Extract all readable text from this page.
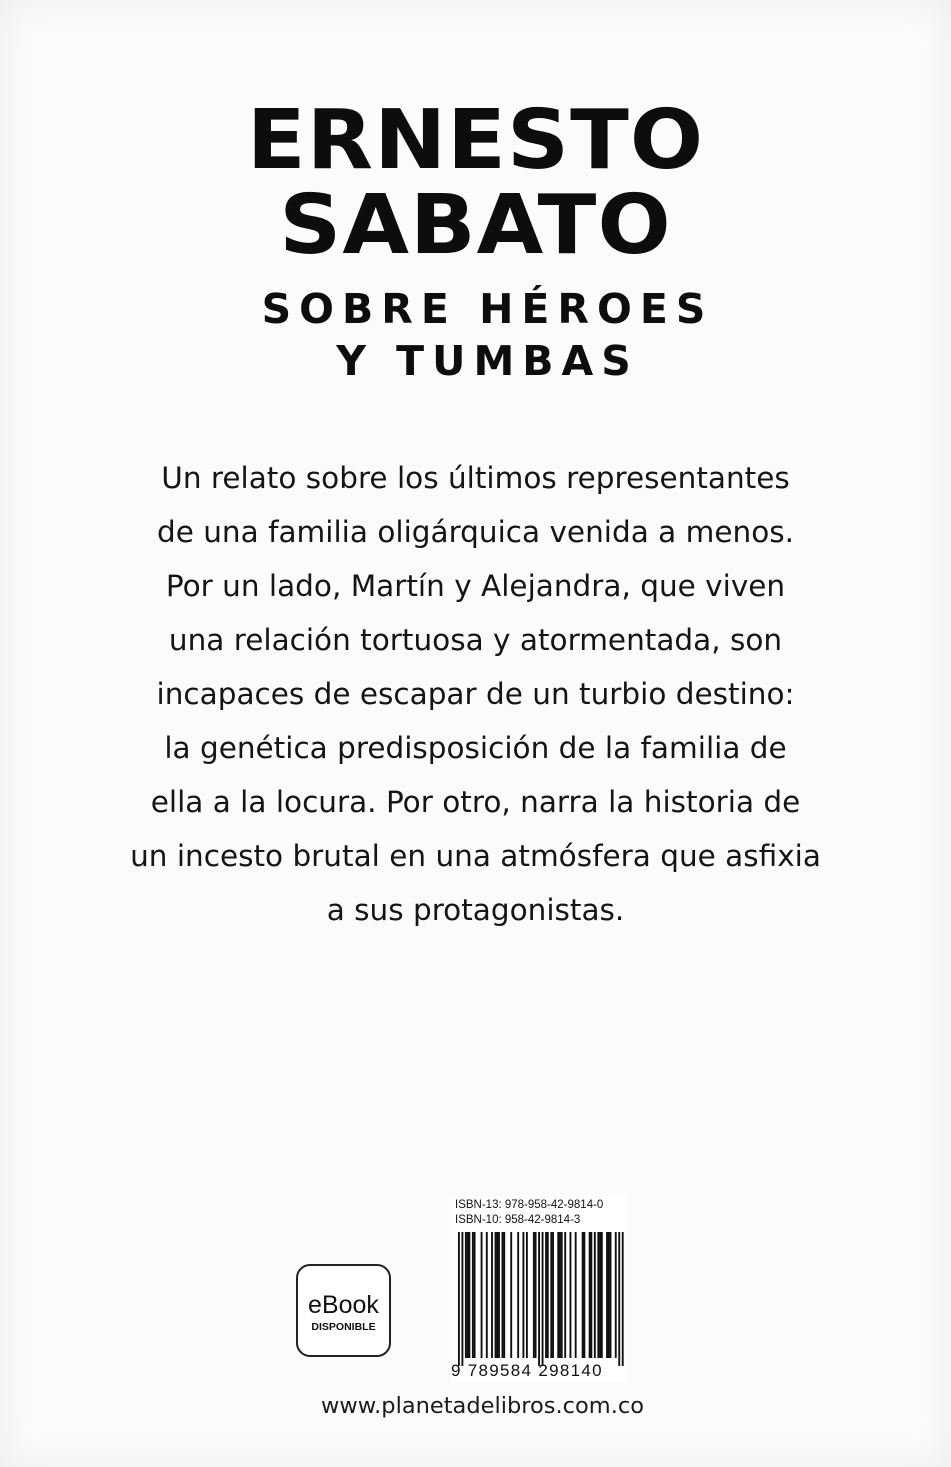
ERNESTO
SABATO
SOBRE HÉROES
Y TUMBAS
Un relato sobre los últimos representantes
de una familia oligárquica venida a menos.
Por un lado, Martín y Alejandra, que viven
una relación tortuosa y atormentada, son
incapaces de escapar de un turbio destino:
la genética predisposición de la familia de
ella a la locura. Por otro, narra la historia de
un incesto brutal en una atmósfera que asfixia
a sus protagonistas.
eBook
DISPONIBLE
ISBN-13: 978-958-42-9814-0
ISBN-10: 958-42-9814-3
9 789584 298140
www.planetadelibros.com.co
